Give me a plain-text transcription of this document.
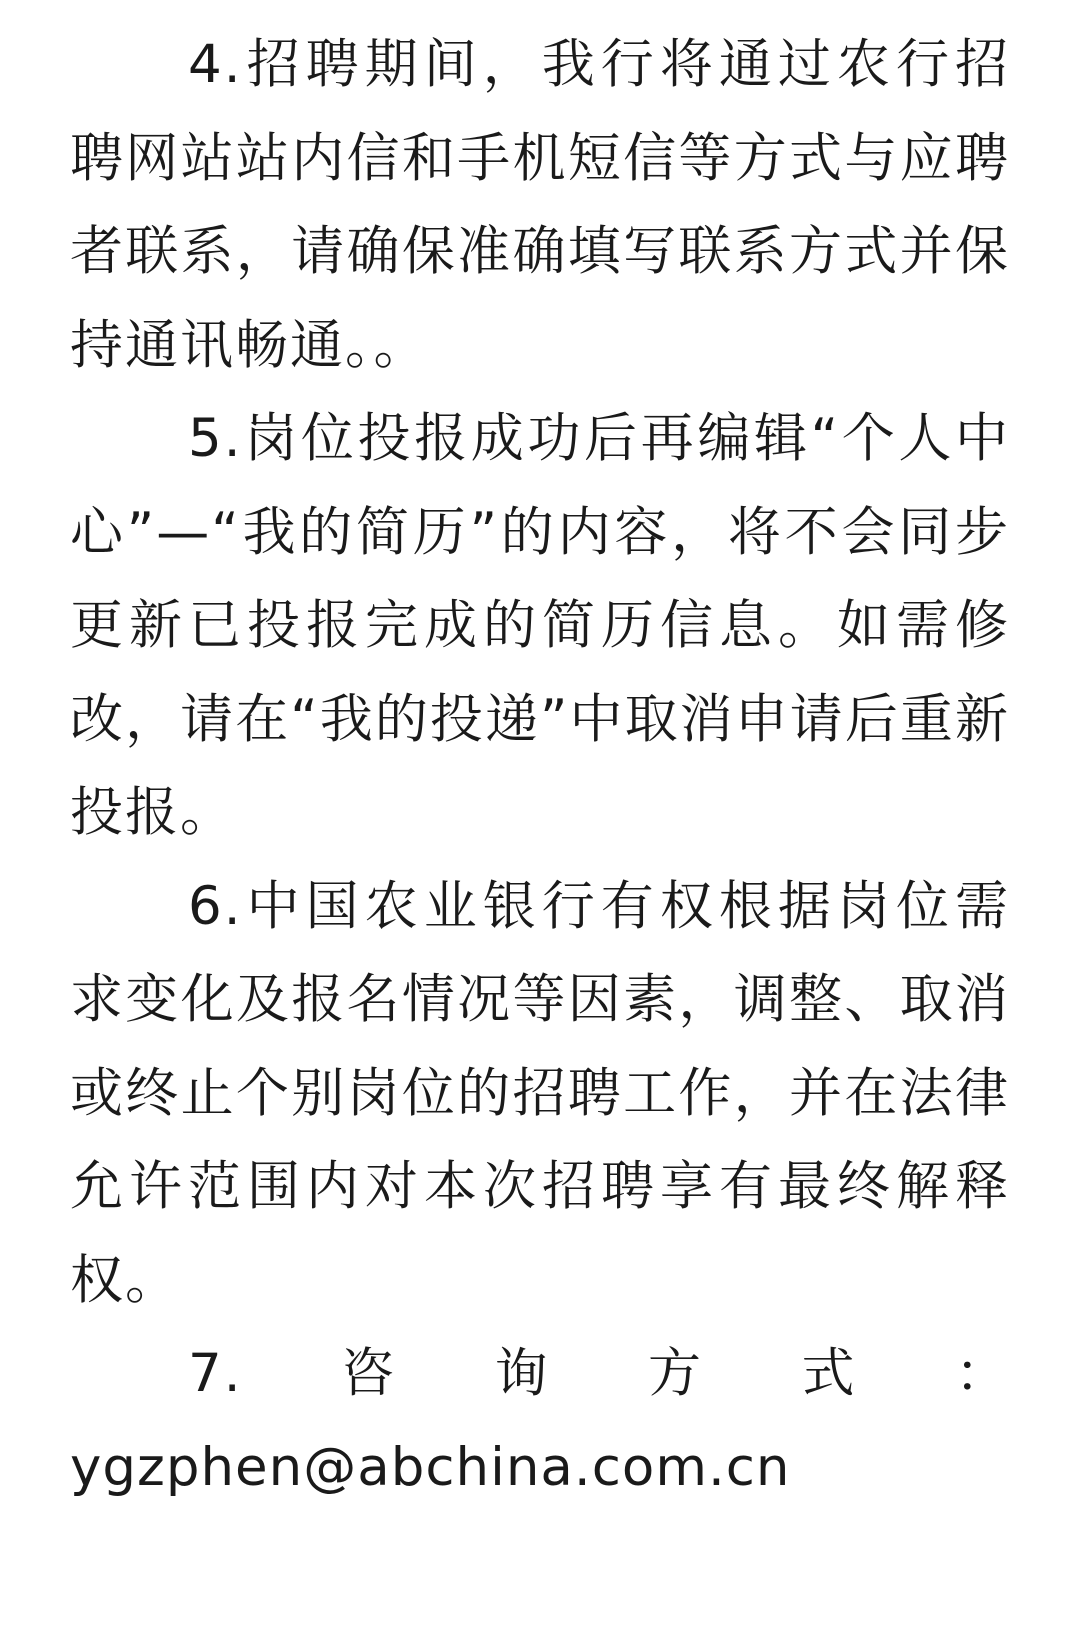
4.招聘期间，我行将通过农行招聘网站站内信和手机短信等方式与应聘者联系，请确保准确填写联系方式并保持通讯畅通。。

5.岗位投报成功后再编辑“个人中心”—“我的简历”的内容，将不会同步更新已投报完成的简历信息。如需修改，请在“我的投递”中取消申请后重新投报。

6.中国农业银行有权根据岗位需求变化及报名情况等因素，调整、取消或终止个别岗位的招聘工作，并在法律允许范围内对本次招聘享有最终解释权。

7. 咨 询 方 式 ：
ygzphen@abchina.com.cn
